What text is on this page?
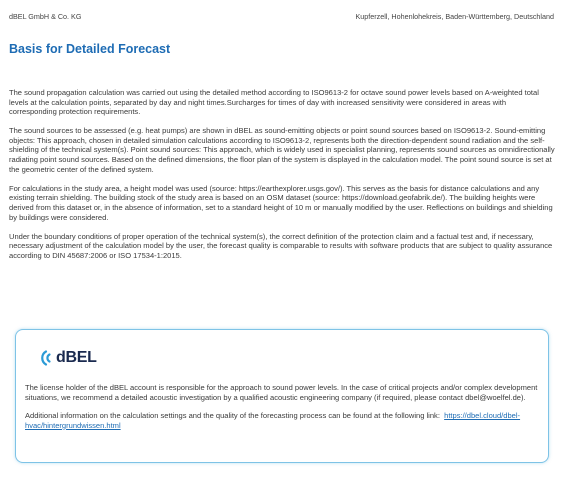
dBEL GmbH & Co. KG	Kupferzell, Hohenlohekreis, Baden-Württemberg, Deutschland
Basis for Detailed Forecast

The sound propagation calculation was carried out using the detailed method according to ISO9613-2 for octave sound power levels based on A-weighted total levels at the calculation points, separated by day and night times.Surcharges for times of day with increased sensitivity were considered in areas with corresponding protection requirements.

The sound sources to be assessed (e.g. heat pumps) are shown in dBEL as sound-emitting objects or point sound sources based on ISO9613-2. Sound-emitting objects: This approach, chosen in detailed simulation calculations according to ISO9613-2, represents both the direction-dependent sound radiation and the self-shielding of the technical system(s). Point sound sources: This approach, which is widely used in specialist planning, represents sound sources as omnidirectionally radiating point sound sources. Based on the defined dimensions, the floor plan of the system is displayed in the calculation model. The point sound source is set at the geometric center of the defined system.

For calculations in the study area, a height model was used (source: https://earthexplorer.usgs.gov/). This serves as the basis for distance calculations and any existing terrain shielding. The building stock of the study area is based on an OSM dataset (source: https://download.geofabrik.de/). The building heights were derived from this dataset or, in the absence of information, set to a standard height of 10 m or manually modified by the user. Reflections on buildings and shielding by buildings were considered.

Under the boundary conditions of proper operation of the technical system(s), the correct definition of the protection claim and a factual test and, if necessary, necessary adjustment of the calculation model by the user, the forecast quality is comparable to results with software products that are subject to quality assurance according to DIN 45687:2006 or ISO 17534-1:2015.

dBEL

The license holder of the dBEL account is responsible for the approach to sound power levels. In the case of critical projects and/or complex development situations, we recommend a detailed acoustic investigation by a qualified acoustic engineering company (if required, please contact dbel@woelfel.de).

Additional information on the calculation settings and the quality of the forecasting process can be found at the following link: https://dbel.cloud/dbel-hvac/hintergrundwissen.html
